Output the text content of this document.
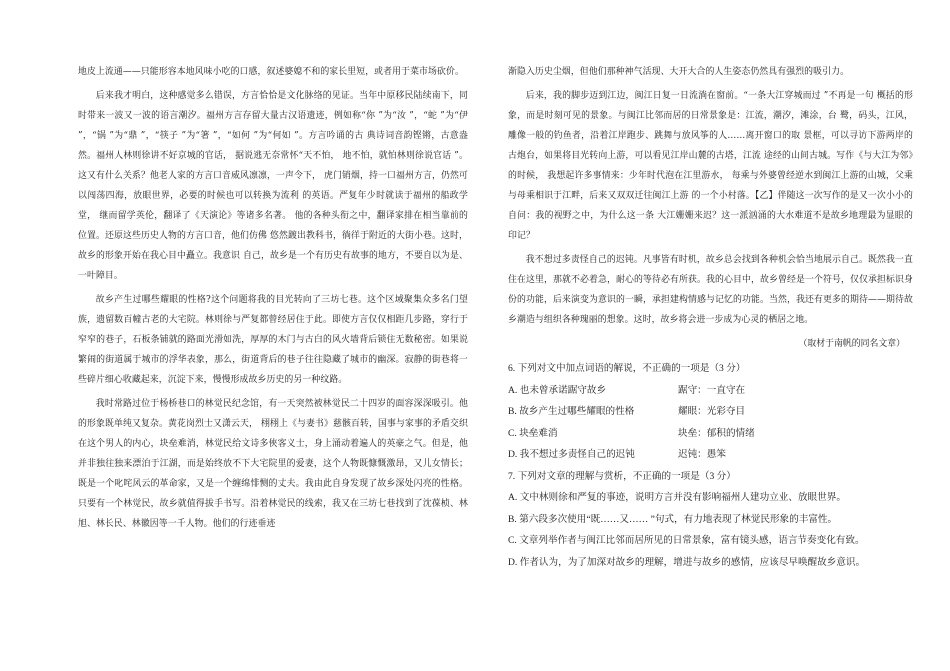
地皮上流通——只能形容本地风味小吃的口感，叙述婆媳不和的家长里短，或者用于菜市场砍价。

后来我才明白，这种感觉多么错误，方言恰恰是文化脉络的见证。当年中原移民陆续南下，同时带来一波又一波的语言潮汐。福州方言存留大量古汉语遗迹，例如称“你 ”为“汝 ”，“蛇 ”为“伊 ”，“锅 ”为“鼎 ”，“筷子 ”为“箸 ”，“如何 ”为“何如 ”。方言吟诵的古 典诗词音韵铿锵，古意盎然。福州人林则徐讲不好京城的官话， 据说逃无奈常怀“天不怕， 地不怕，就怕林则徐说官话 ”。这又有什么关系？他老人家的方言口音威风凛凛，一声令下， 虎门销烟，持一口福州方言，仍然可以闯荡四海，放眼世界，必要的时候也可以转换为流利 的英语。严复年少时就读于福州的船政学堂， 继而留学英伦，翻译了《天演论》等诸多名著。 他的各种头衔之中，翻译家排在相当靠前的位置。还原这些历史人物的方言口音，他们仿佛 悠然踱出教科书，徜徉于附近的大街小巷。这时，故乡的形象开始在我心目中矗立。我意识 自己，故乡是一个有历史有故事的地方，不要自以为是、一叶障目。

故乡产生过哪些耀眼的性格?这个问题将我的目光转向了三坊七巷。这个区域聚集众多名门望族，遗留数百幢古老的大宅院。林则徐与严复都曾经居住于此。即使方言仅仅相距几步路，穿行于窄窄的巷子，石板条铺就的路面光滑如洗，厚厚的木门与古白的风火墙背后锁住无数秘密。如果说繁闹的街道属于城市的浮华表象，那么，街道背后的巷子往往隐藏了城市的幽深。寂静的街巷将一些碎片细心收藏起来，沉淀下来，慢慢形成故乡历史的另一种纹路。

我时常路过位于杨桥巷口的林觉民纪念馆，有一天突然被林觉民二十四岁的面容深深吸引。他的形象既单纯又复杂。黄花岗烈士又潇云天， 栩栩上《与妻书》慈骸百转，国事与家事的矛盾交织在这个男人的内心，块垒难消，林觉民给文诗多俠客义士，身上涌动着遍人的英豪之气。但是，他并非独往独来漂泊于江湖，而是始终放不下大宅院里的爱妻，这个人物既慷慨激昂，又儿女情长；既是一个叱咤风云的革命家，又是一个缠绵悱恻的丈夫。我由此自身发现了故乡深处闪亮的性格。只要有一个林觉民，故乡就值得拔手书写。沿着林觉民的线索，我又在三坊七巷找到了沈葆桢、林旭、林长民、林徽因等一千人物。他们的行迹垂迹

渐隐入历史尘烟，但他们那种神气活现、大开大合的人生姿态仍然具有强烈的吸引力。

后来，我的脚步迈到江边，闽江日复一日流淌在窗前。“一条大江穿城而过 ”不再是一句 概括的形象，而是时刻可见的景象。与闽江比邻而居的日常景象是：江流，潮汐，滩涂，台 鹭，码头，江风，雕像一般的钓鱼者，沿着江岸跑步、跳舞与放风筝的人……离开窗口的取 景框，可以寻访下游两岸的古炮台，如果将目光转向上游，可以看见江岸山麓的古塔，江流 途经的山间古城。写作《与大江为邻》的时候， 我想起许多事情来：少年时代泡在江里游水， 每乘与外婆曾经逆水到闽江上游的山城，父乘与母乘相识于江畔，后来又双双迁往闽江上游 的一个小村落。【乙】伴随这一次写作的是又一次小小的自问：我的视野之中，为什么这一条 大江姗姗来迟？这一派汹涌的大水难道不是故乡地理最为显眼的印记？

我不想过多责怪自己的迟钝。凡事皆有时机，故乡总会找到各种机会恰当地展示自己。既然我一直住在这里，那就不必着急，耐心的等待必有所获。我的心目中，故乡曾经是一个符号，仅仅承担标识身份的功能，后来演变为意识的一瞬，承担建构情感与记忆的功能。当然，我还有更多的期待——期待故乡潮造与组织各种瑰丽的想象。这时，故乡将会进一步成为心灵的栖居之地。

（取材于南帆的同名文章）

6. 下列对文中加点词语的解说，不正确的一项是（3 分）

A. 也未曾承诺踞守故乡	踞守：一直守在
B. 故乡产生过哪些耀眼的性格	耀眼：光彩夺目
C. 块垒难消	块垒：郁积的情绪
D. 我不想过多责怪自己的迟钝	迟钝：愚笨

7. 下列对文章的理解与赏析，不正确的一项是（3 分）

A. 文中林则徐和严复的事迹，说明方言并没有影响福州人建功立业、放眼世界。

B. 第六段多次使用“既……又…… ”句式，有力地表现了林觉民形象的丰富性。

C. 文章列举作者与闽江比邻而居所见的日常景象，富有镜头感，语言节奏变化有致。

D. 作者认为，为了加深对故乡的理解，增进与故乡的感情，应该尽早唤醒故乡意识。
